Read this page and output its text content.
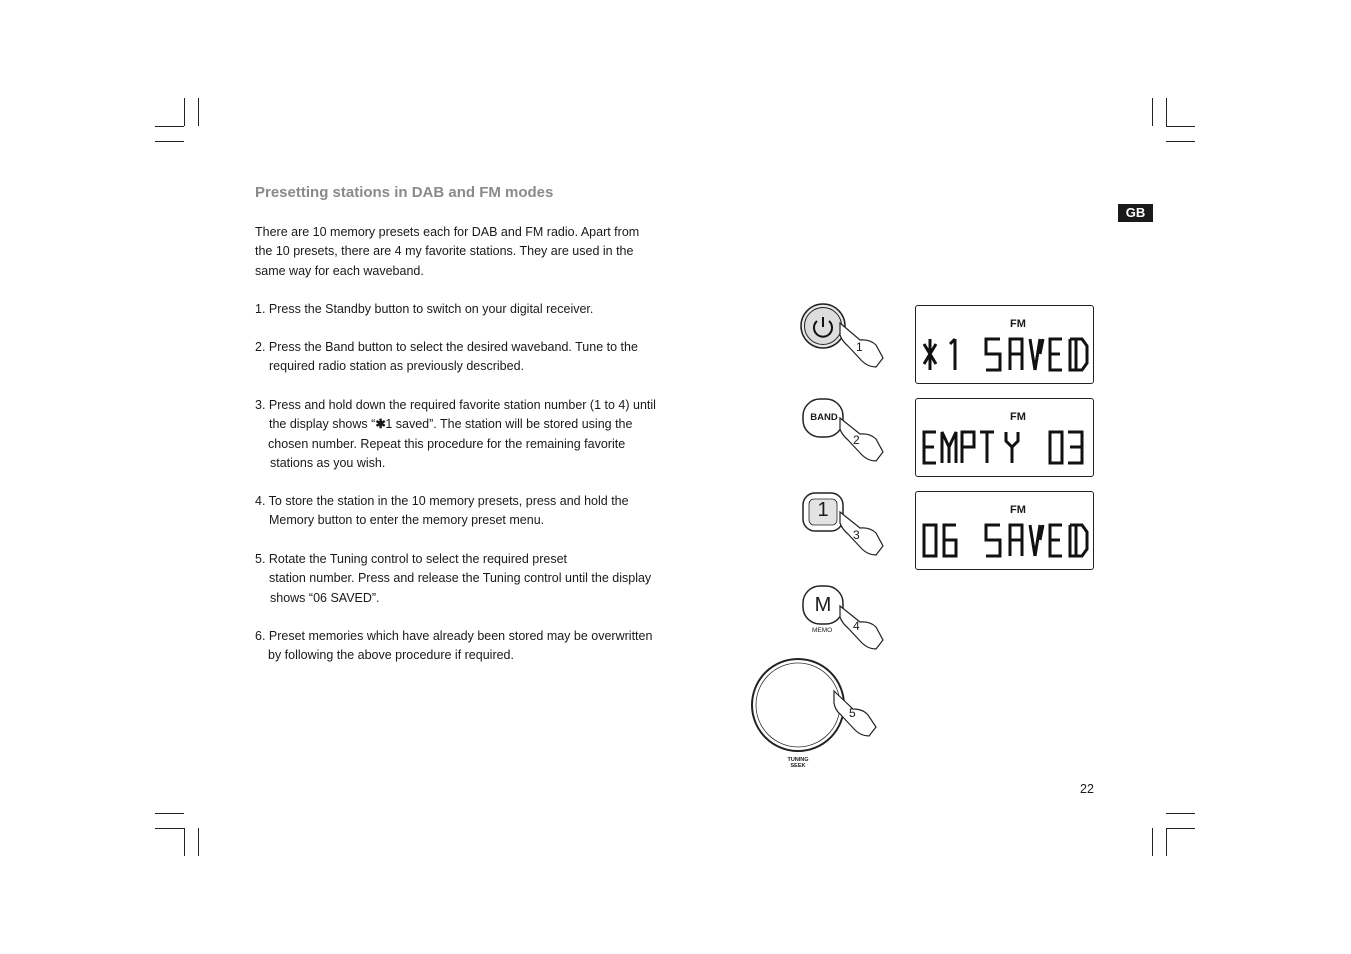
Presetting stations in DAB and FM modes
GB
There are 10 memory presets each for DAB and FM radio. Apart from
the 10 presets, there are 4 my favorite stations. They are used in the
same way for each waveband.
1. Press the Standby button to switch on your digital receiver.
2. Press the Band button to select the desired waveband. Tune to the
required radio station as previously described.
3. Press and hold down the required favorite station number (1 to 4) until
the display shows “✱1 saved”. The station will be stored using the
chosen number. Repeat this procedure for the remaining favorite
stations as you wish.
4. To store the station in the 10 memory presets, press and hold the
Memory button to enter the memory preset menu.
5. Rotate the Tuning control to select the required preset
station number. Press and release the Tuning control until the display
shows “06 SAVED”.
6. Preset memories which have already been stored may be overwritten
by following the above procedure if required.
1
BAND
2
1
3
M
MEMO 4
5
TUNING
SEEK
FM
FM
FM
22
